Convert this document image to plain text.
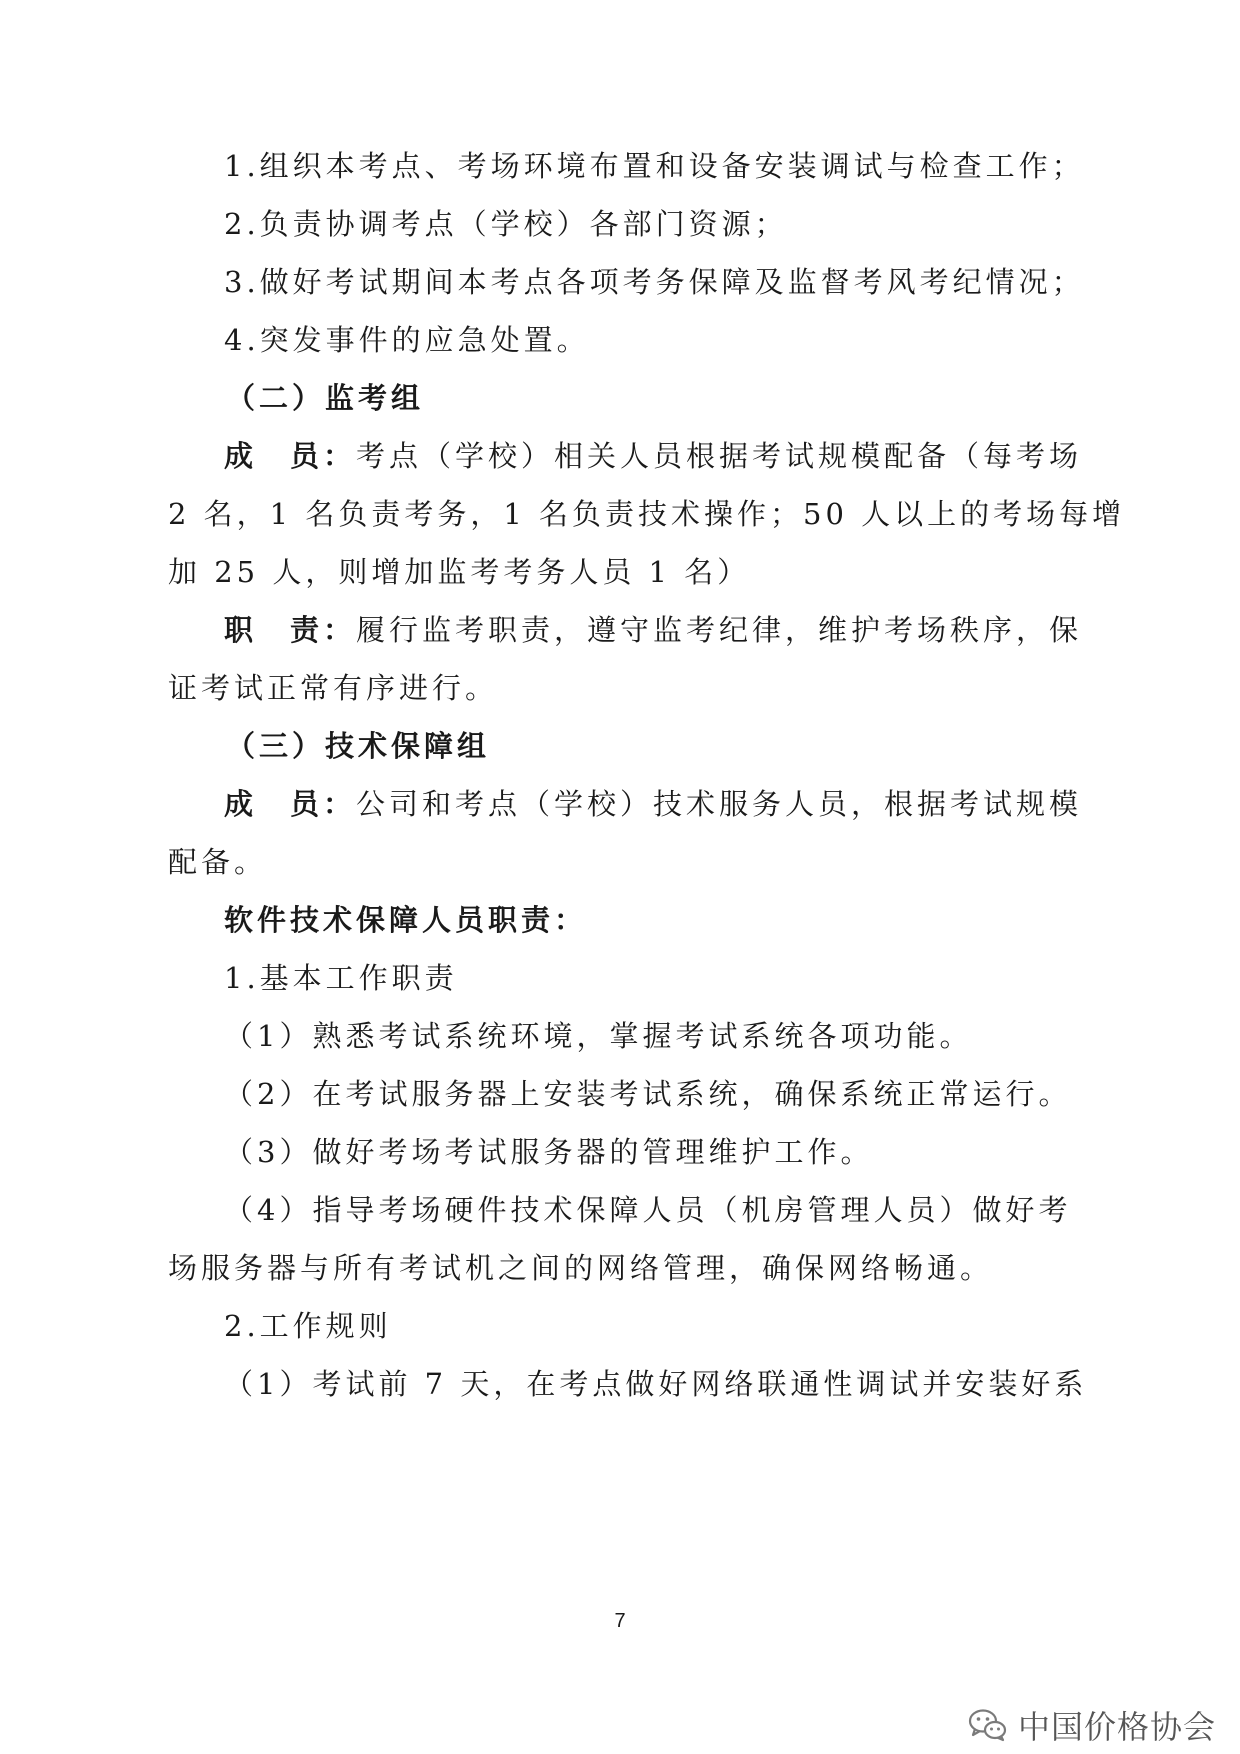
1.组织本考点、考场环境布置和设备安装调试与检查工作；
2.负责协调考点（学校）各部门资源；
3.做好考试期间本考点各项考务保障及监督考风考纪情况；
4.突发事件的应急处置。
（二）监考组
成　员：考点（学校）相关人员根据考试规模配备（每考场
2 名，1 名负责考务，1 名负责技术操作；50 人以上的考场每增
加 25 人，则增加监考考务人员 1 名）
职　责：履行监考职责，遵守监考纪律，维护考场秩序，保
证考试正常有序进行。
（三）技术保障组
成　员：公司和考点（学校）技术服务人员，根据考试规模
配备。
软件技术保障人员职责：
1.基本工作职责
（1）熟悉考试系统环境，掌握考试系统各项功能。
（2）在考试服务器上安装考试系统，确保系统正常运行。
（3）做好考场考试服务器的管理维护工作。
（4）指导考场硬件技术保障人员（机房管理人员）做好考
场服务器与所有考试机之间的网络管理，确保网络畅通。
2.工作规则
（1）考试前 7 天，在考点做好网络联通性调试并安装好系
7
中国价格协会
